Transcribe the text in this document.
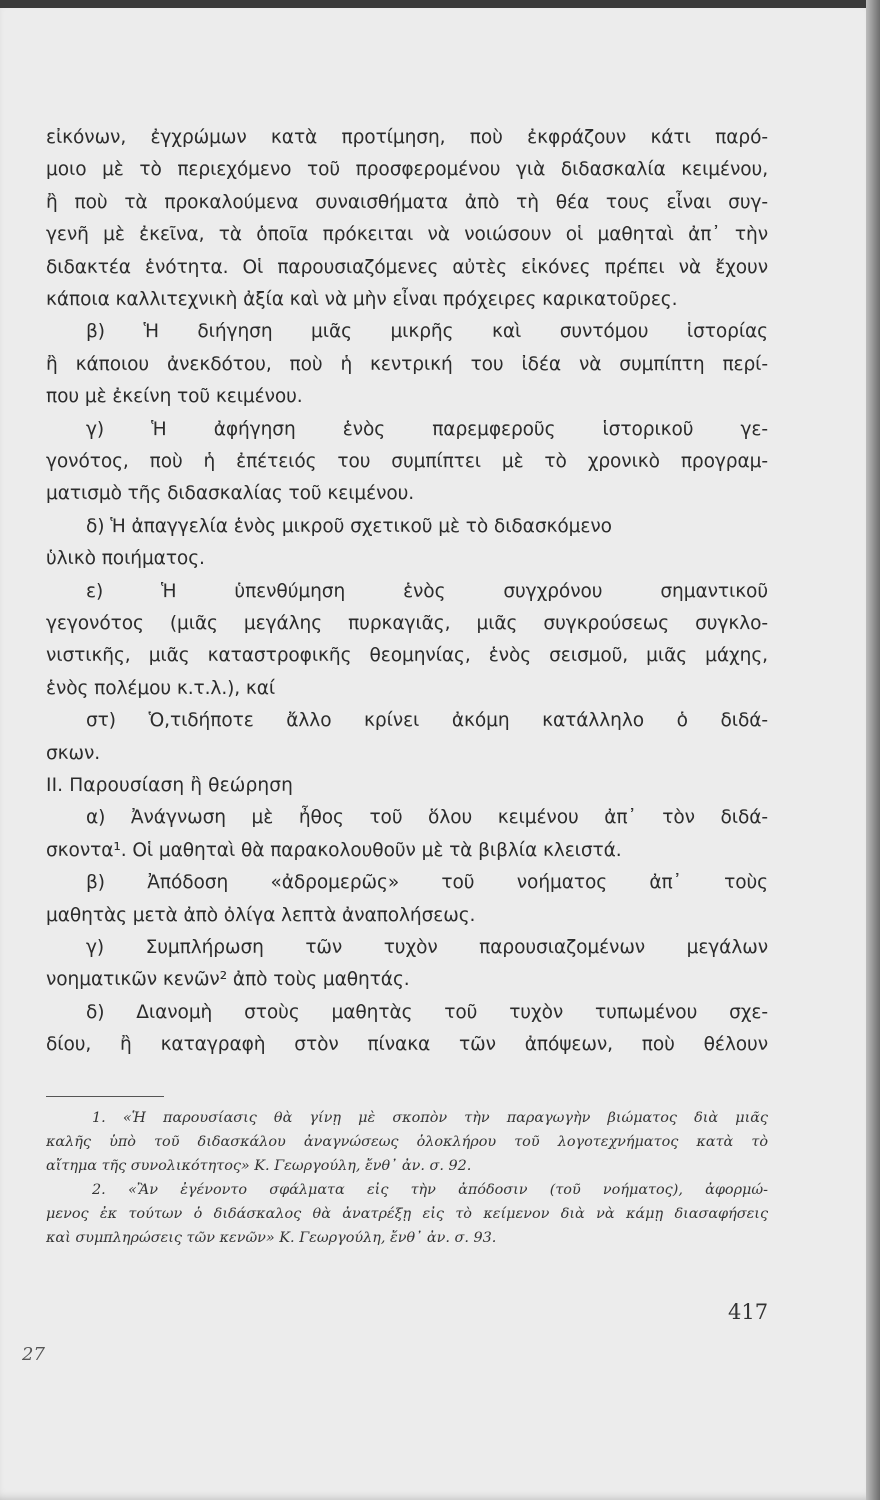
εἰκόνων, ἐγχρώμων κατὰ προτίμηση, ποὺ ἐκφράζουν κάτι παρό-
μοιο μὲ τὸ περιεχόμενο τοῦ προσφερομένου γιὰ διδασκαλία κειμένου,
ἢ ποὺ τὰ προκαλούμενα συναισθήματα ἀπὸ τὴ θέα τους εἶναι συγ-
γενῆ μὲ ἐκεῖνα, τὰ ὁποῖα πρόκειται νὰ νοιώσουν οἱ μαθηταὶ ἀπ᾽ τὴν
διδακτέα ἑνότητα. Οἱ παρουσιαζόμενες αὐτὲς εἰκόνες πρέπει νὰ ἔχουν
κάποια καλλιτεχνικὴ ἀξία καὶ νὰ μὴν εἶναι πρόχειρες καρικατοῦρες.
β) Ἡ διήγηση μιᾶς μικρῆς καὶ συντόμου ἱστορίας
ἢ κάποιου ἀνεκδότου, ποὺ ἡ κεντρική του ἰδέα νὰ συμπίπτη περί-
που μὲ ἐκείνη τοῦ κειμένου.
γ) Ἡ ἀφήγηση ἑνὸς παρεμφεροῦς ἱστορικοῦ γε-
γονότος, ποὺ ἡ ἐπέτειός του συμπίπτει μὲ τὸ χρονικὸ προγραμ-
ματισμὸ τῆς διδασκαλίας τοῦ κειμένου.
δ) Ἡ ἀπαγγελία ἑνὸς μικροῦ σχετικοῦ μὲ τὸ διδασκόμενο
ὑλικὸ ποιήματος.
ε) Ἡ ὑπενθύμηση ἑνὸς συγχρόνου σημαντικοῦ
γεγονότος (μιᾶς μεγάλης πυρκαγιᾶς, μιᾶς συγκρούσεως συγκλο-
νιστικῆς, μιᾶς καταστροφικῆς θεομηνίας, ἑνὸς σεισμοῦ, μιᾶς μάχης,
ἑνὸς πολέμου κ.τ.λ.), καί
στ) Ὁ,τιδήποτε ἄλλο κρίνει ἀκόμη κατάλληλο ὁ διδά-
σκων.
II. Παρουσίαση ἢ θεώρηση
α) Ἀνάγνωση μὲ ἦθος τοῦ ὅλου κειμένου ἀπ᾽ τὸν διδά-
σκοντα¹. Οἱ μαθηταὶ θὰ παρακολουθοῦν μὲ τὰ βιβλία κλειστά.
β) Ἀπόδοση «ἀδρομερῶς» τοῦ νοήματος ἀπ᾽ τοὺς
μαθητὰς μετὰ ἀπὸ ὀλίγα λεπτὰ ἀναπολήσεως.
γ) Συμπλήρωση τῶν τυχὸν παρουσιαζομένων μεγάλων
νοηματικῶν κενῶν² ἀπὸ τοὺς μαθητάς.
δ) Διανομὴ στοὺς μαθητὰς τοῦ τυχὸν τυπωμένου σχε-
δίου, ἢ καταγραφὴ στὸν πίνακα τῶν ἀπόψεων, ποὺ θέλουν
1. «Ἡ παρουσίασις θὰ γίνῃ μὲ σκοπὸν τὴν παραγωγὴν βιώματος διὰ μιᾶς
καλῆς ὑπὸ τοῦ διδασκάλου ἀναγνώσεως ὁλοκλήρου τοῦ λογοτεχνήματος κατὰ τὸ
αἴτημα τῆς συνολικότητος» Κ. Γεωργούλη, ἔνθ᾽ ἀν. σ. 92.
2. «Ἂν ἐγένοντο σφάλματα εἰς τὴν ἀπόδοσιν (τοῦ νοήματος), ἀφορμώ-
μενος ἐκ τούτων ὁ διδάσκαλος θὰ ἀνατρέξῃ εἰς τὸ κείμενον διὰ νὰ κάμῃ διασαφήσεις
καὶ συμπληρώσεις τῶν κενῶν» Κ. Γεωργούλη, ἔνθ᾽ ἀν. σ. 93.
417
27
